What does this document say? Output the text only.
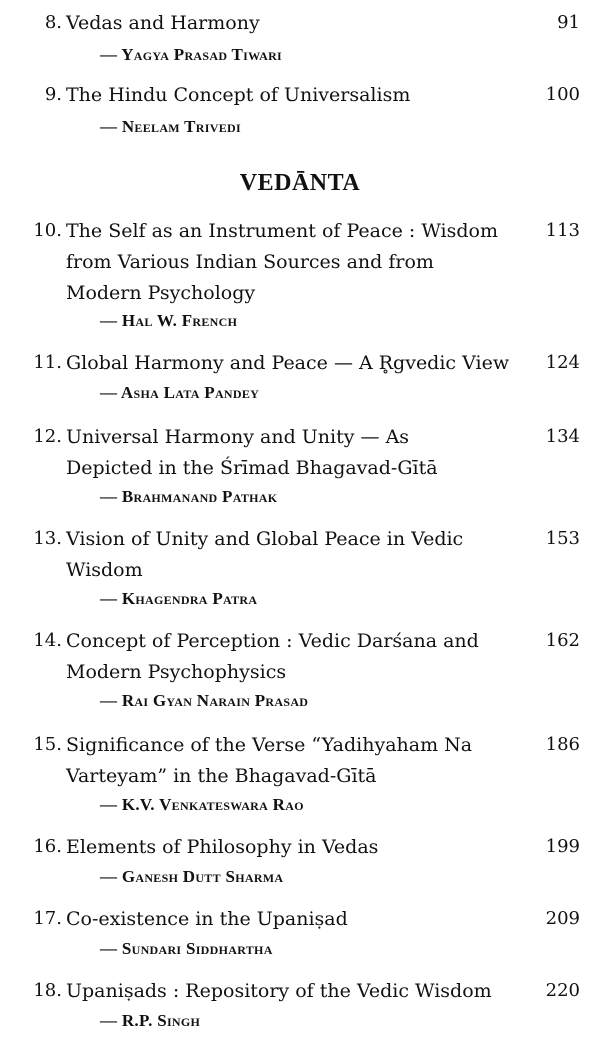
8. Vedas and Harmony	91
— Yagya Prasad Tiwari
9. The Hindu Concept of Universalism	100
— Neelam Trivedi
VEDĀNTA
10. The Self as an Instrument of Peace : Wisdom from Various Indian Sources and from Modern Psychology
113
— Hal W. French
11. Global Harmony and Peace — A R̥gvedic View	124
— Asha Lata Pandey
12. Universal Harmony and Unity — As Depicted in the Śrīmad Bhagavad-Gītā
134
— Brahmanand Pathak
13. Vision of Unity and Global Peace in Vedic Wisdom
153
— Khagendra Patra
14. Concept of Perception : Vedic Darśana and Modern Psychophysics
162
— Rai Gyan Narain Prasad
15. Significance of the Verse “Yadihyaham Na Varteyam” in the Bhagavad-Gītā
186
— K.V. Venkateswara Rao
16. Elements of Philosophy in Vedas	199
— Ganesh Dutt Sharma
17. Co-existence in the Upaniṣad	209
— Sundari Siddhartha
18. Upaniṣads : Repository of the Vedic Wisdom	220
— R.P. Singh
